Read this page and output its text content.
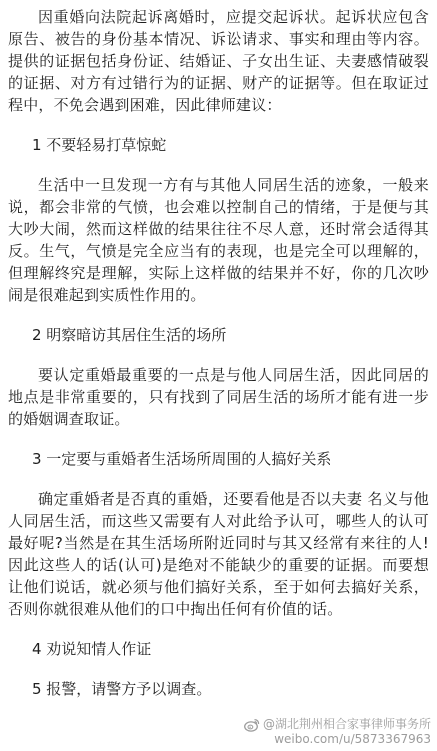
因重婚向法院起诉离婚时，应提交起诉状。起诉状应包含原告、被告的身份基本情况、诉讼请求、事实和理由等内容。提供的证据包括身份证、结婚证、子女出生证、夫妻感情破裂的证据、对方有过错行为的证据、财产的证据等。但在取证过程中，不免会遇到困难，因此律师建议：

1 不要轻易打草惊蛇

生活中一旦发现一方有与其他人同居生活的迹象，一般来说，都会非常的气愤，也会难以控制自己的情绪，于是便与其大吵大闹，然而这样做的结果往往不尽人意，还时常会适得其反。生气，气愤是完全应当有的表现，也是完全可以理解的，但理解终究是理解，实际上这样做的结果并不好，你的几次吵闹是很难起到实质性作用的。

2 明察暗访其居住生活的场所

要认定重婚最重要的一点是与他人同居生活，因此同居的地点是非常重要的，只有找到了同居生活的场所才能有进一步的婚姻调查取证。

3 一定要与重婚者生活场所周围的人搞好关系

确定重婚者是否真的重婚，还要看他是否以夫妻 名义与他人同居生活，而这些又需要有人对此给予认可，哪些人的认可最好呢?当然是在其生活场所附近同时与其又经常有来往的人!因此这些人的话(认可)是绝对不能缺少的重要的证据。而要想让他们说话，就必须与他们搞好关系，至于如何去搞好关系，否则你就很难从他们的口中掏出任何有价值的话。

4 劝说知情人作证

5 报警，请警方予以调查。

@湖北荆州相合家事律师事务所
weibo.com/u/5873367963
